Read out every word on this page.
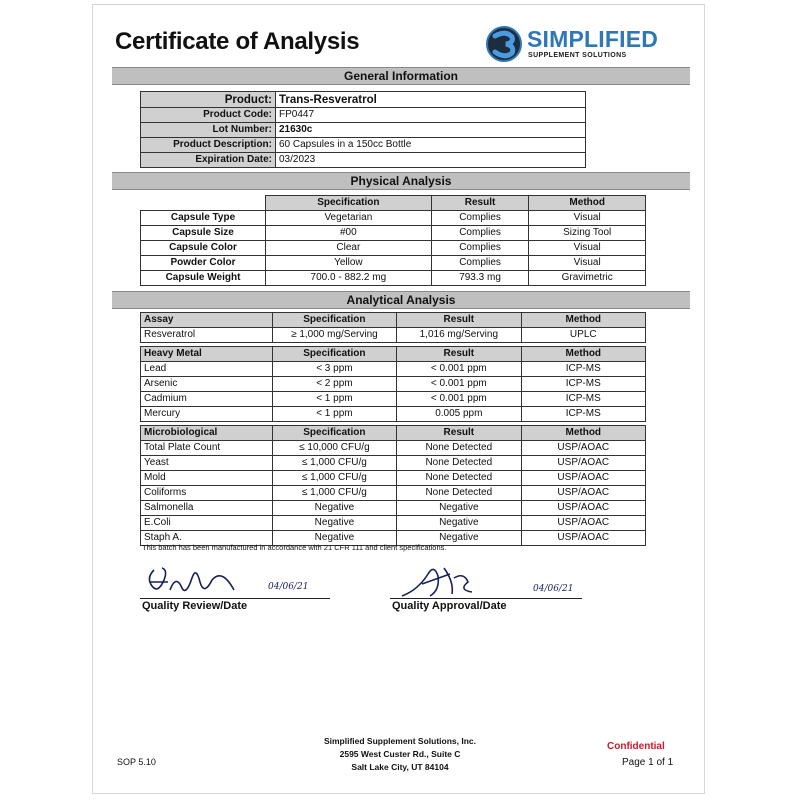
Certificate of Analysis	SIMPLIFIED
SUPPLEMENT SOLUTIONS
General Information
Product:	Trans-Resveratrol
Product Code:	FP0447
Lot Number:	21630c
Product Description:	60 Capsules in a 150cc Bottle
Expiration Date:	03/2023
Physical Analysis
	Specification	Result	Method
Capsule Type	Vegetarian	Complies	Visual
Capsule Size	#00	Complies	Sizing Tool
Capsule Color	Clear	Complies	Visual
Powder Color	Yellow	Complies	Visual
Capsule Weight	700.0 - 882.2 mg	793.3 mg	Gravimetric
Analytical Analysis
Assay	Specification	Result	Method
Resveratrol	≥ 1,000 mg/Serving	1,016 mg/Serving	UPLC
Heavy Metal	Specification	Result	Method
Lead	< 3 ppm	< 0.001 ppm	ICP-MS
Arsenic	< 2 ppm	< 0.001 ppm	ICP-MS
Cadmium	< 1 ppm	< 0.001 ppm	ICP-MS
Mercury	< 1 ppm	0.005 ppm	ICP-MS
Microbiological	Specification	Result	Method
Total Plate Count	≤ 10,000 CFU/g	None Detected	USP/AOAC
Yeast	≤ 1,000 CFU/g	None Detected	USP/AOAC
Mold	≤ 1,000 CFU/g	None Detected	USP/AOAC
Coliforms	≤ 1,000 CFU/g	None Detected	USP/AOAC
Salmonella	Negative	Negative	USP/AOAC
E.Coli	Negative	Negative	USP/AOAC
Staph A.	Negative	Negative	USP/AOAC
This batch has been manufactured in accordance with 21 CFR 111 and client specifications.
04/06/21
Quality Review/Date
04/06/21
Quality Approval/Date
Simplified Supplement Solutions, Inc.
2595 West Custer Rd., Suite C
Salt Lake City, UT 84104
SOP 5.10
Confidential
Page 1 of 1
